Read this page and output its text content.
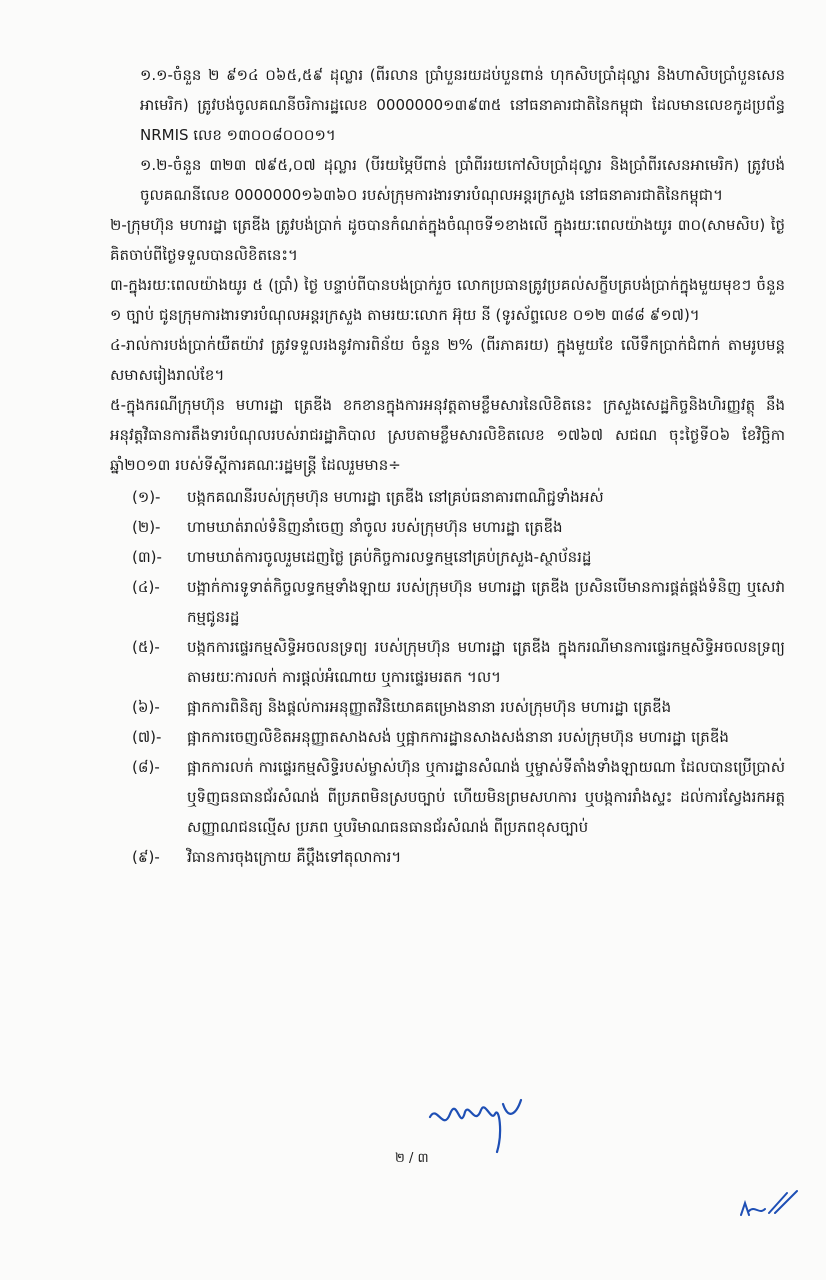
១.១-ចំនួន ២ ៩១៤ ០៦៥,៥៩ ដុល្លារ (ពីរលាន ប្រាំបួនរយដប់បួនពាន់ ហុកសិបប្រាំដុល្លារ និងហាសិបប្រាំបួនសេនអាមេរិក) ត្រូវបង់ចូលគណនីចរិការដ្ឋលេខ 0000000១៣៩៣៥ នៅធនាគារជាតិនៃកម្ពុជា ដែលមានលេខកូដប្រព័ន្ធ NRMIS លេខ ១៣០០៨០០០១។

១.២-ចំនួន ៣២៣ ៧៩៥,០៧ ដុល្លារ (បីរយម្ភៃបីពាន់ ប្រាំពីររយកៅសិបប្រាំដុល្លារ និងប្រាំពីរសេនអាមេរិក) ត្រូវបង់ចូលគណនីលេខ 0000000១៦៣៦០ របស់ក្រុមការងារទារបំណុលអន្តរក្រសួង នៅធនាគារជាតិនៃកម្ពុជា។

២-ក្រុមហ៊ុន មហារដ្ឋា ត្រេឌីង ត្រូវបង់ប្រាក់ ដូចបានកំណត់ក្នុងចំណុចទី១ខាងលើ ក្នុងរយៈពេលយ៉ាងយូរ ៣០(សាមសិប) ថ្ងៃ គិតចាប់ពីថ្ងៃទទួលបានលិខិតនេះ។

៣-ក្នុងរយៈពេលយ៉ាងយូរ ៥ (ប្រាំ) ថ្ងៃ បន្ទាប់ពីបានបង់ប្រាក់រួច លោកប្រធានត្រូវប្រគល់សក្ខីបត្របង់ប្រាក់ក្នុងមួយមុខៗ ចំនួន ១ ច្បាប់ ជូនក្រុមការងារទារបំណុលអន្តរក្រសួង តាមរយៈលោក អ៊ុយ នី (ទូរស័ព្ទលេខ ០១២ ៣៨៨ ៩១៧)។

៤-រាល់ការបង់ប្រាក់យឺតយ៉ាវ ត្រូវទទួលរងនូវការពិន័យ ចំនួន ២% (ពីរភាគរយ) ក្នុងមួយខែ លើទឹកប្រាក់ជំពាក់ តាមរូបមន្តសមាសរៀងរាល់ខែ។

៥-ក្នុងករណីក្រុមហ៊ុន មហារដ្ឋា ត្រេឌីង ខកខានក្នុងការអនុវត្តតាមខ្លឹមសារនៃលិខិតនេះ ក្រសួងសេដ្ឋកិច្ចនិងហិរញ្ញវត្ថុ នឹងអនុវត្តវិធានការតឹងទារបំណុលរបស់រាជរដ្ឋាភិបាល ស្របតាមខ្លឹមសារលិខិតលេខ ១៧៦៧ សជណ ចុះថ្ងៃទី០៦ ខែវិច្ឆិកា ឆ្នាំ២០១៣ របស់ទីស្តីការគណៈរដ្ឋមន្ត្រី ដែលរួមមាន÷

(១)-	បង្កកគណនីរបស់ក្រុមហ៊ុន មហារដ្ឋា ត្រេឌីង នៅគ្រប់ធនាគារពាណិជ្ជទាំងអស់
(២)-	ហាមឃាត់រាល់ទំនិញនាំចេញ នាំចូល របស់ក្រុមហ៊ុន មហារដ្ឋា ត្រេឌីង
(៣)-	ហាមឃាត់ការចូលរួមដេញថ្លៃ គ្រប់កិច្ចការលទ្ធកម្មនៅគ្រប់ក្រសួង-ស្ថាប័នរដ្ឋ
(៤)-	បង្អាក់ការទូទាត់កិច្ចលទ្ធកម្មទាំងឡាយ របស់ក្រុមហ៊ុន មហារដ្ឋា ត្រេឌីង ប្រសិនបើមានការផ្គត់ផ្គង់ទំនិញ ឬសេវាកម្មជូនរដ្ឋ
(៥)-	បង្កកការផ្ទេរកម្មសិទ្ធិអចលនទ្រព្យ របស់ក្រុមហ៊ុន មហារដ្ឋា ត្រេឌីង ក្នុងករណីមានការផ្ទេរកម្មសិទ្ធិអចលនទ្រព្យ តាមរយៈការលក់ ការផ្តល់អំណោយ ឬការផ្ទេរមរតក ។ល។
(៦)-	ផ្អាកការពិនិត្យ និងផ្តល់ការអនុញ្ញាតវិនិយោគគម្រោងនានា របស់ក្រុមហ៊ុន មហារដ្ឋា ត្រេឌីង
(៧)-	ផ្អាកការចេញលិខិតអនុញ្ញាតសាងសង់ ឬផ្អាកការដ្ឋានសាងសង់នានា របស់ក្រុមហ៊ុន មហារដ្ឋា ត្រេឌីង
(៨)-	ផ្អាកការលក់ ការផ្ទេរកម្មសិទ្ធិរបស់ម្ចាស់ហ៊ុន ឬការដ្ឋានសំណង់ ឬម្ចាស់ទីតាំងទាំងឡាយណា ដែលបានប្រើប្រាស់ ឬទិញធនធានជ័រសំណង់ ពីប្រភពមិនស្របច្បាប់ ហើយមិនព្រមសហការ ឬបង្កការរាំងស្ទះ ដល់ការស្វែងរកអត្តសញ្ញាណជនល្មើស ប្រភព ឬបរិមាណធនធានជ័រសំណង់ ពីប្រភពខុសច្បាប់
(៩)-	វិធានការចុងក្រោយ គឺប្តឹងទៅតុលាការ។
២ / ៣
